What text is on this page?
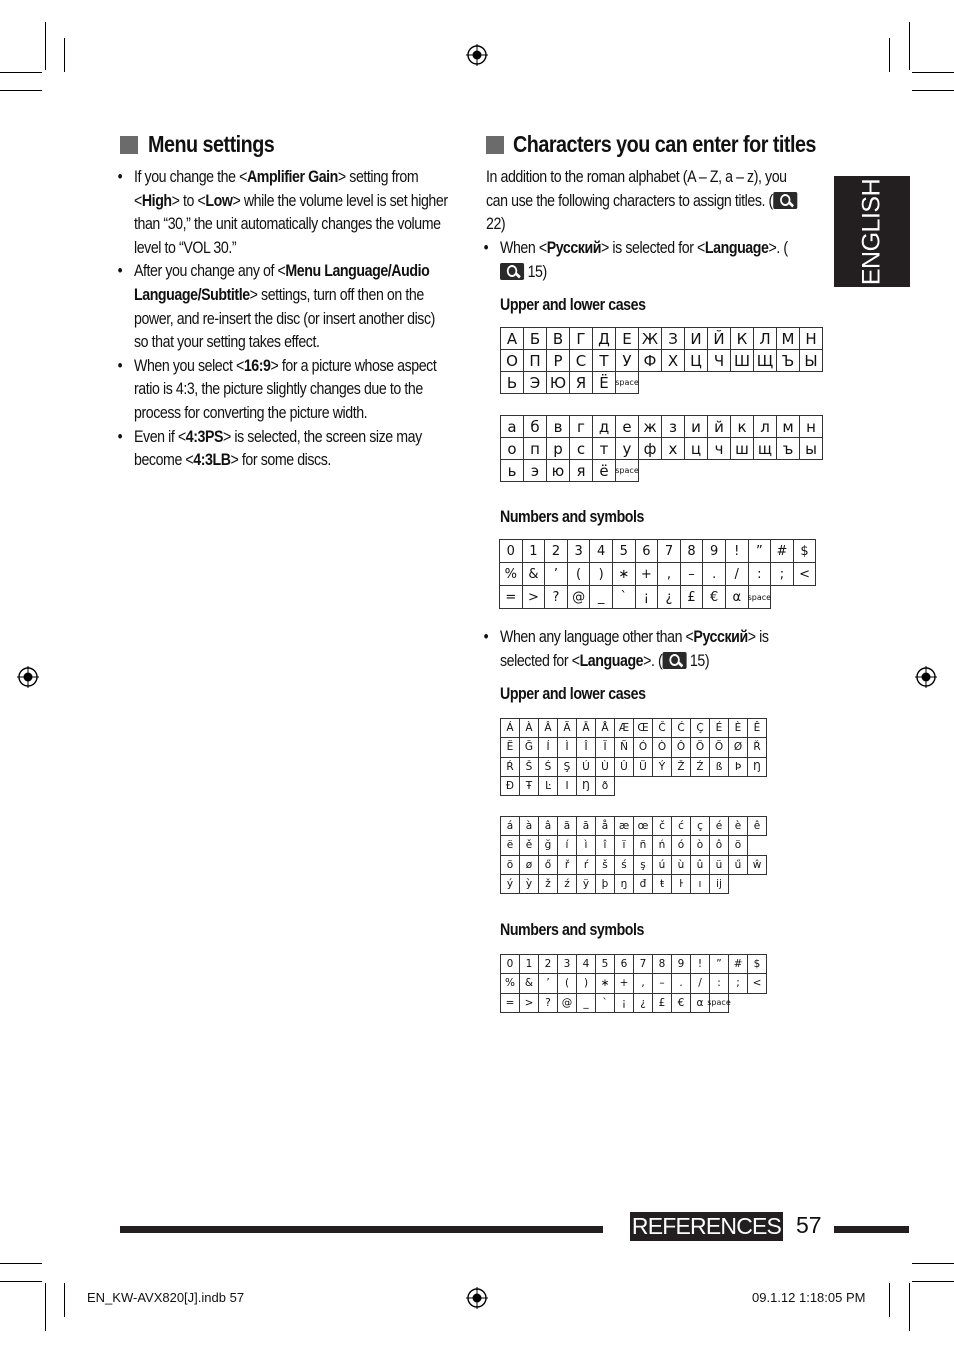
Menu settings
• If you change the <Amplifier Gain> setting from <High> to <Low> while the volume level is set higher than “30,” the unit automatically changes the volume level to “VOL 30.”
• After you change any of <Menu Language/Audio Language/Subtitle> settings, turn off then on the power, and re-insert the disc (or insert another disc) so that your setting takes effect.
• When you select <16:9> for a picture whose aspect ratio is 4:3, the picture slightly changes due to the process for converting the picture width.
• Even if <4:3PS> is selected, the screen size may become <4:3LB> for some discs.
Characters you can enter for titles
In addition to the roman alphabet (A – Z, a – z), you can use the following characters to assign titles. ( 22)
• When <Русский> is selected for <Language>. ( 15)
Upper and lower cases
А Б В Г Д Е Ж З И Й К Л М Н
О П Р С Т У Ф Х Ц Ч Ш Щ Ъ Ы
Ь Э Ю Я Ё space
а б в г д е ж з и й к л м н
о п р с т у ф х ц ч ш щ ъ ы
ь э ю я ё space
Numbers and symbols
0	1	2	3	4	5	6	7	8	9	!	”	#	$
% &	’	(	)	∗ +	,	–	.	/	:	;	<
= >	? @ _	`	¡	¿	£	€	α space
• When any language other than <Русский> is selected for <Language>. ( 15)
Upper and lower cases
Á	À	Â	Ã	Ā	Å Æ Œ Č	Ć	Ç	É	È	Ê
Ë	Ğ	Í	Ì	Î	Ï	Ñ	Ó	Ò	Ô	Ö	Õ	Ø	Ř
Ŕ	Š	Ś	Ş	Ú	Ù	Û	Ü	Ý	Ž	Ź	ß	Þ	Ŋ
Đ	Ŧ	Ŀ	I	Ŋ	ð
á	à	â	ã	ā	å	æ œ	č	ć	ç	é	è	ê
ë	ě	ğ	í	ì	î	ï	ñ	ń	ó	ò	ô	ö
õ	ø	ő	ř	ŕ	š	ś	ş	ú	ù	û	ü	ű	ŵ
ý	ỳ	ž	ź	ÿ	þ	ŋ	đ	ŧ	ŀ	ı	ij
Numbers and symbols
0	1	2	3	4	5	6	7	8	9	!	”	#	$
% &	’	(	)	∗ +	,	–	.	/	:	;	<
= >	?	@	_	`	¡	¿	£	€	α space
ENGLISH
REFERENCES 57
EN_KW-AVX820[J].indb 57	09.1.12 1:18:05 PM
